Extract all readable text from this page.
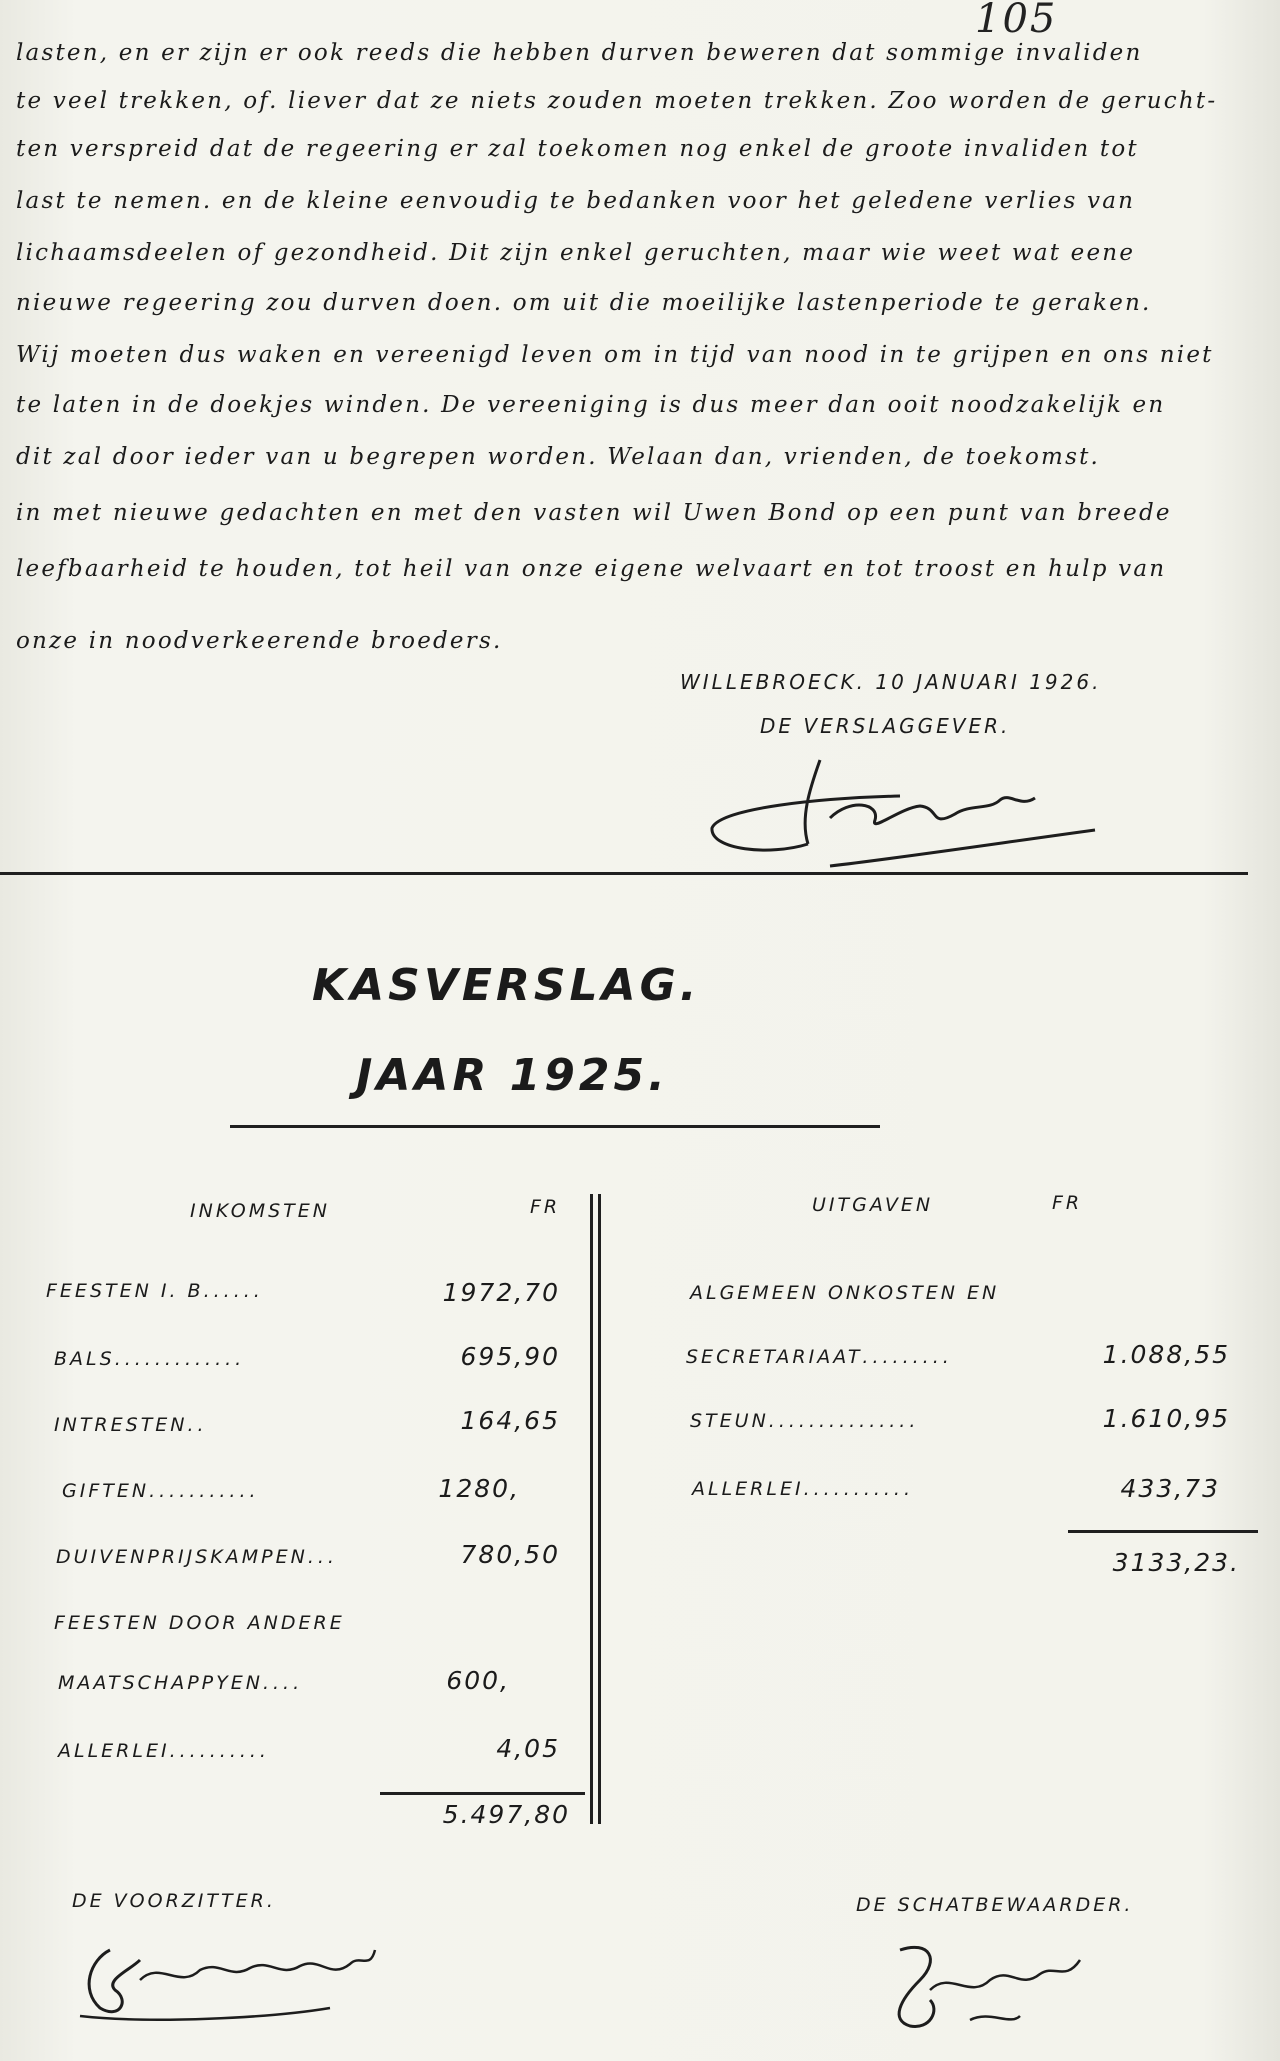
105
lasten, en er zijn er ook reeds die hebben durven beweren dat sommige invaliden
te veel trekken, of. liever dat ze niets zouden moeten trekken. Zoo worden de gerucht-
ten verspreid dat de regeering er zal toekomen nog enkel de groote invaliden tot
last te nemen. en de kleine eenvoudig te bedanken voor het geledene verlies van
lichaamsdeelen of gezondheid. Dit zijn enkel geruchten, maar wie weet wat eene
nieuwe regeering zou durven doen. om uit die moeilijke lastenperiode te geraken.
Wij moeten dus waken en vereenigd leven om in tijd van nood in te grijpen en ons niet
te laten in de doekjes winden. De vereeniging is dus meer dan ooit noodzakelijk en
dit zal door ieder van u begrepen worden. Welaan dan, vrienden, de toekomst.
in met nieuwe gedachten en met den vasten wil Uwen Bond op een punt van breede
leefbaarheid te houden, tot heil van onze eigene welvaart en tot troost en hulp van
onze in noodverkeerende broeders.
WILLEBROECK. 10 JANUARI 1926.
DE VERSLAGGEVER.
KASVERSLAG.
JAAR 1925.
INKOMSTEN	FR
FEESTEN I. B......	1972,70
BALS.............	695,90
INTRESTEN..	164,65
GIFTEN...........	1280,
DUIVENPRIJSKAMPEN...	780,50
FEESTEN DOOR ANDERE
MAATSCHAPPYEN....	600,
ALLERLEI..........	4,05
5.497,80
UITGAVEN	FR
ALGEMEEN ONKOSTEN EN
SECRETARIAAT.........	1.088,55
STEUN...............	1.610,95
ALLERLEI...........	433,73
3133,23.
DE VOORZITTER.	DE SCHATBEWAARDER.
